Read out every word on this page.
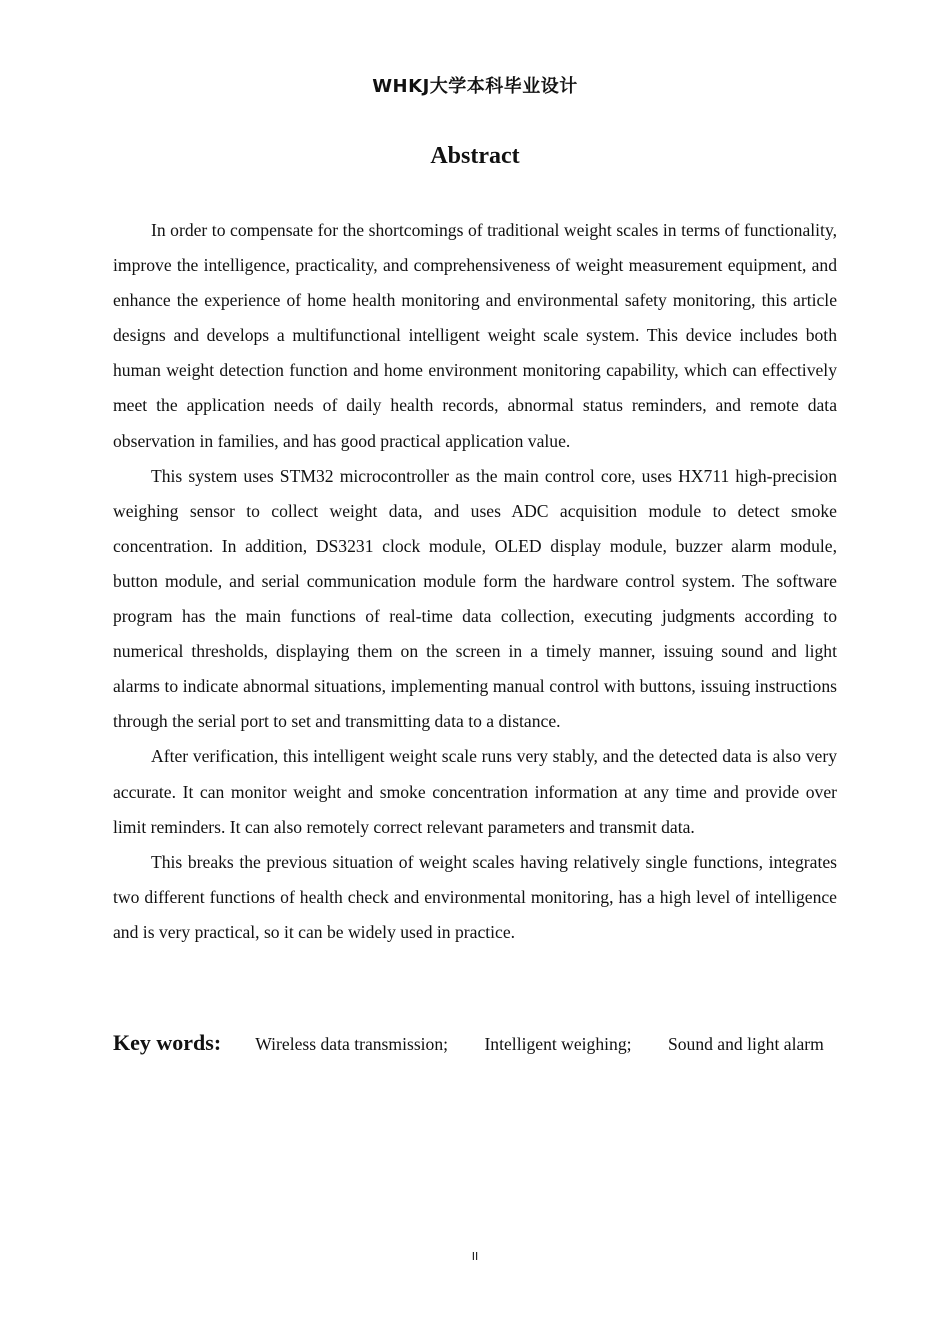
WHKJ大学本科毕业设计
Abstract

In order to compensate for the shortcomings of traditional weight scales in terms of functionality, improve the intelligence, practicality, and comprehensiveness of weight measurement equipment, and enhance the experience of home health monitoring and environmental safety monitoring, this article designs and develops a multifunctional intelligent weight scale system. This device includes both human weight detection function and home environment monitoring capability, which can effectively meet the application needs of daily health records, abnormal status reminders, and remote data observation in families, and has good practical application value.

This system uses STM32 microcontroller as the main control core, uses HX711 high-precision weighing sensor to collect weight data, and uses ADC acquisition module to detect smoke concentration. In addition, DS3231 clock module, OLED display module, buzzer alarm module, button module, and serial communication module form the hardware control system. The software program has the main functions of real-time data collection, executing judgments according to numerical thresholds, displaying them on the screen in a timely manner, issuing sound and light alarms to indicate abnormal situations, implementing manual control with buttons, issuing instructions through the serial port to set and transmitting data to a distance.

After verification, this intelligent weight scale runs very stably, and the detected data is also very accurate. It can monitor weight and smoke concentration information at any time and provide over limit reminders. It can also remotely correct relevant parameters and transmit data.

This breaks the previous situation of weight scales having relatively single functions, integrates two different functions of health check and environmental monitoring, has a high level of intelligence and is very practical, so it can be widely used in practice.

Key words: Wireless data transmission; Intelligent weighing; Sound and light alarm
II
